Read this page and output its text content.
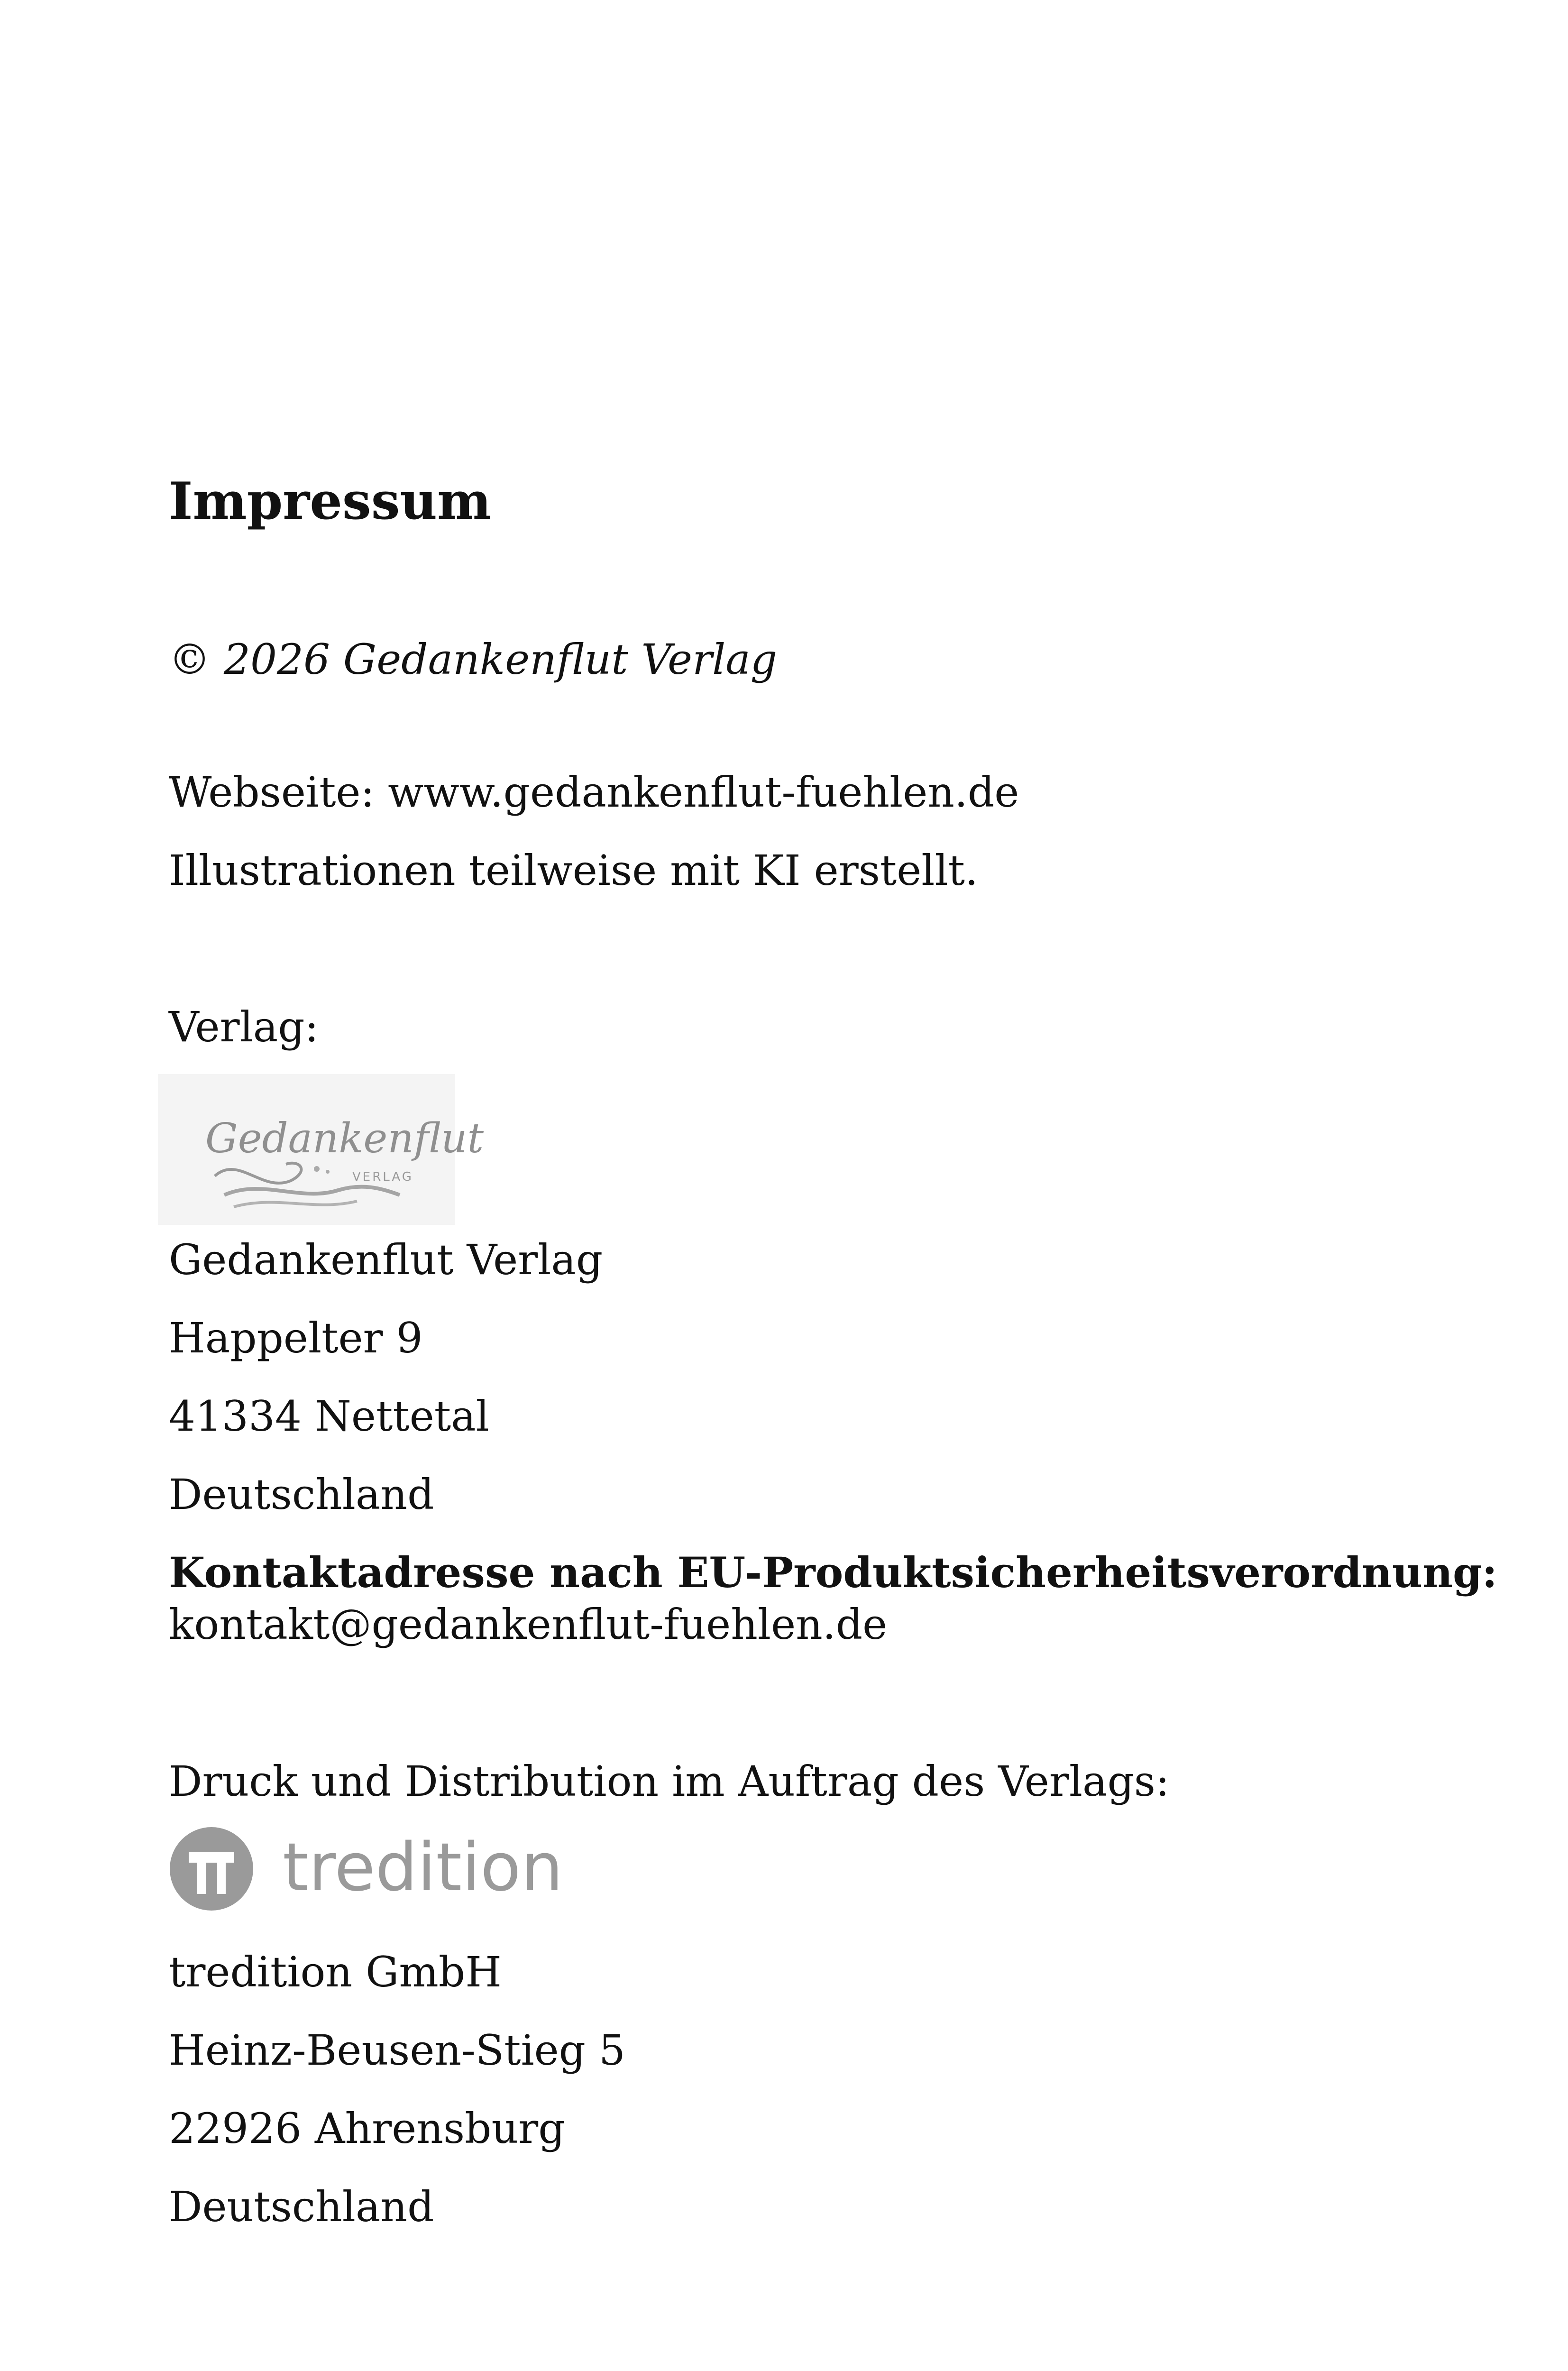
Impressum
© 2026 Gedankenflut Verlag
Webseite: www.gedankenflut-fuehlen.de
Illustrationen teilweise mit KI erstellt.
Verlag:
Gedankenflut
VERLAG
Gedankenflut Verlag
Happelter 9
41334 Nettetal
Deutschland
Kontaktadresse nach EU-Produktsicherheitsverordnung:
kontakt@gedankenflut-fuehlen.de
Druck und Distribution im Auftrag des Verlags:
tredition
tredition GmbH
Heinz-Beusen-Stieg 5
22926 Ahrensburg
Deutschland
